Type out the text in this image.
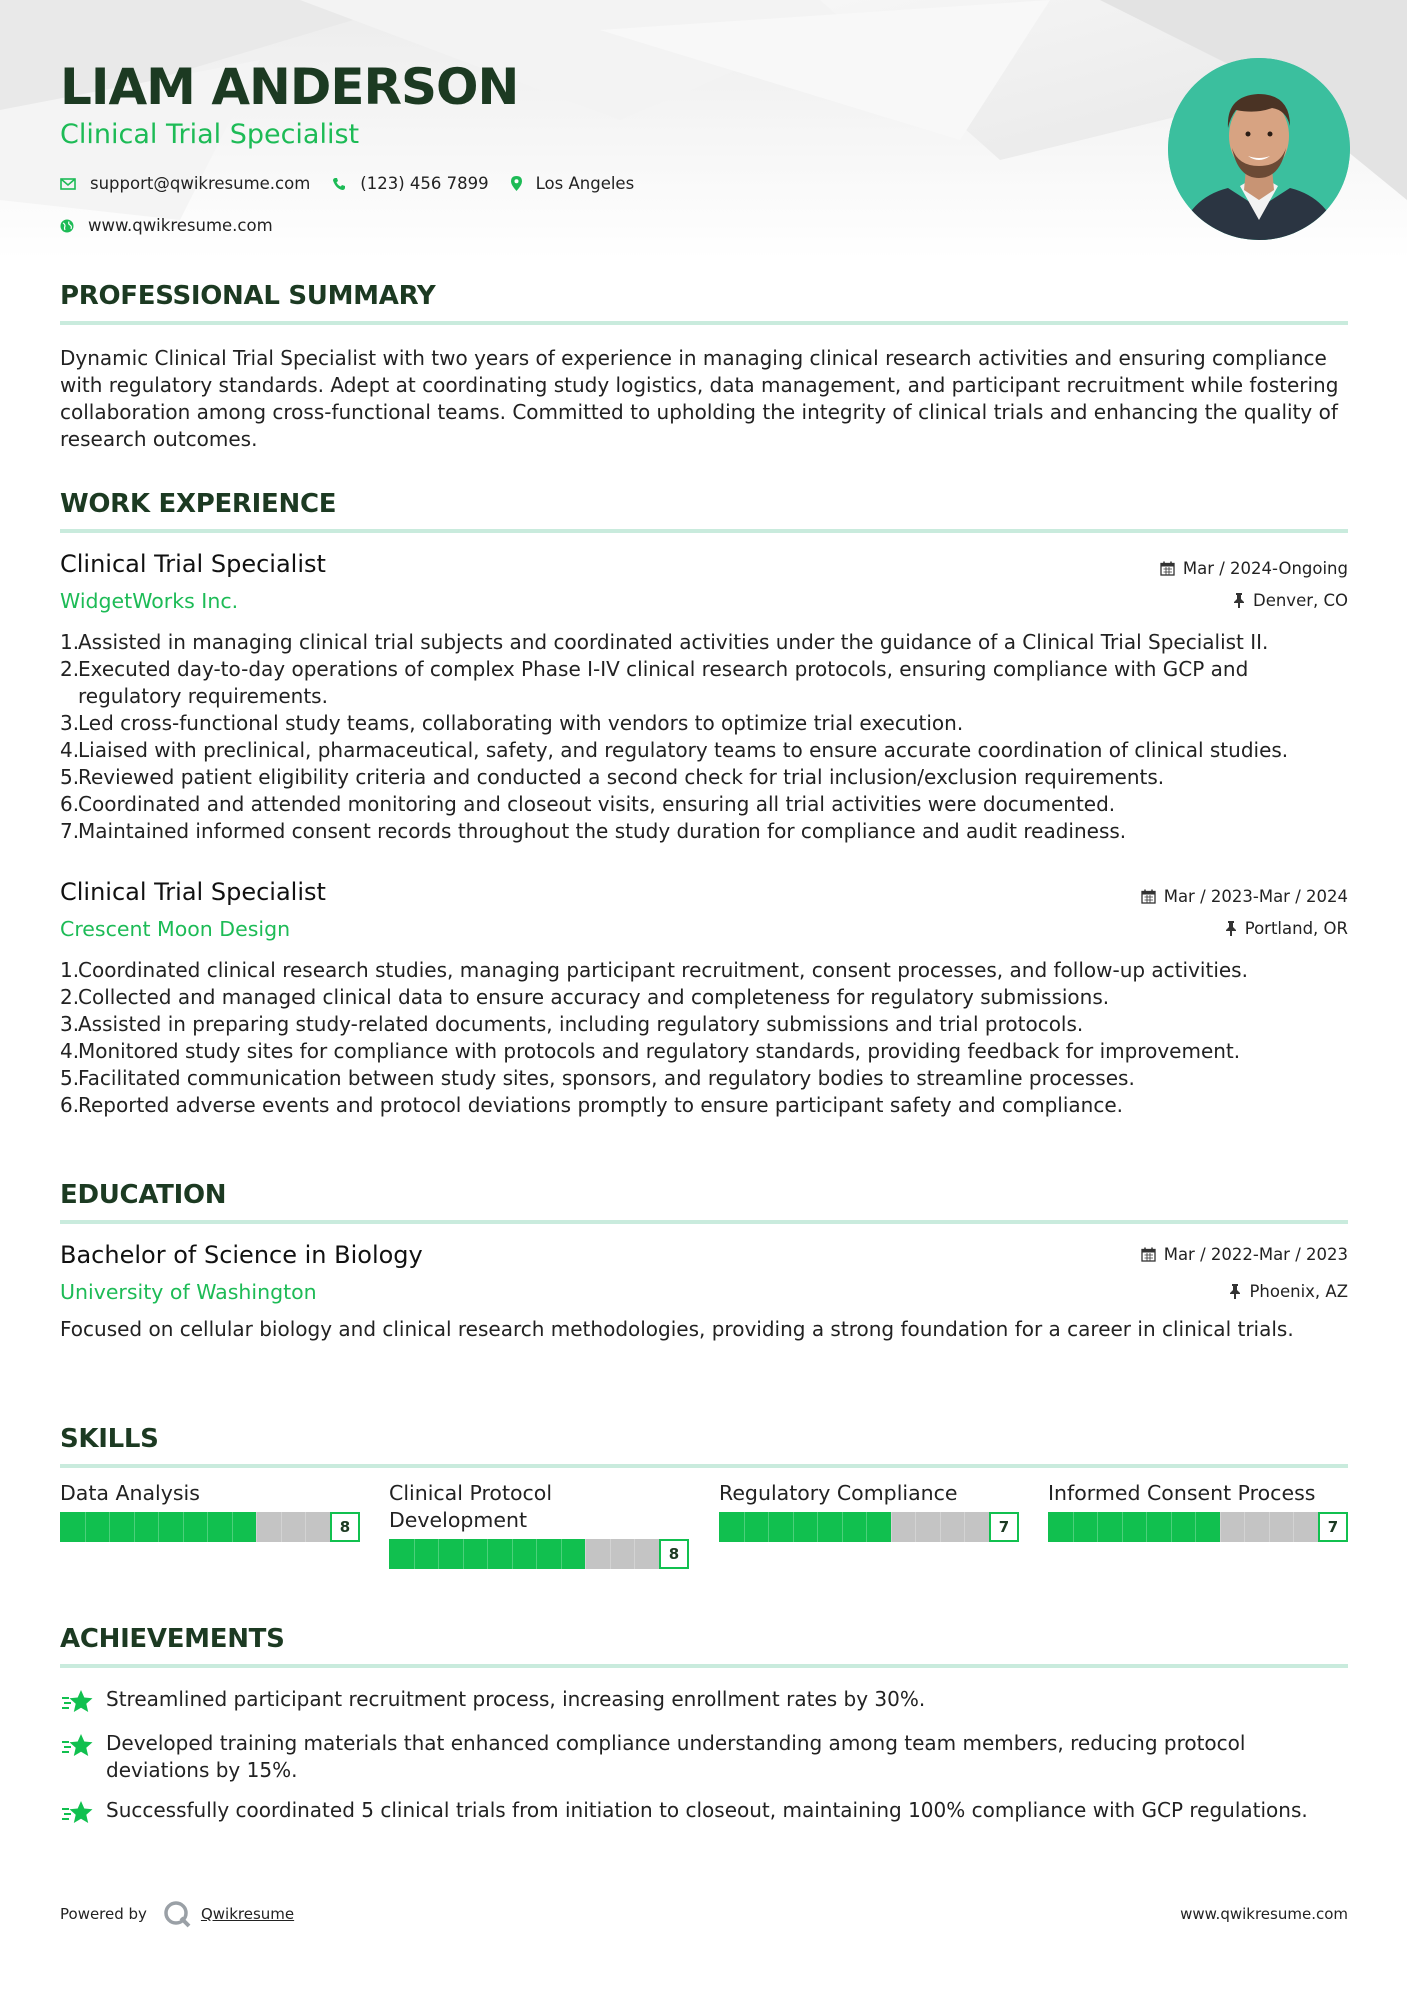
LIAM ANDERSON
Clinical Trial Specialist
support@qwikresume.com	(123) 456 7899	Los Angeles
www.qwikresume.com
PROFESSIONAL SUMMARY
Dynamic Clinical Trial Specialist with two years of experience in managing clinical research activities and ensuring compliance with regulatory standards. Adept at coordinating study logistics, data management, and participant recruitment while fostering collaboration among cross-functional teams. Committed to upholding the integrity of clinical trials and enhancing the quality of research outcomes.
WORK EXPERIENCE
Clinical Trial Specialist
WidgetWorks Inc.
Mar / 2024-Ongoing
Denver, CO
1.
Assisted in managing clinical trial subjects and coordinated activities under the guidance of a Clinical Trial Specialist II.
2.
Executed day-to-day operations of complex Phase I-IV clinical research protocols, ensuring compliance with GCP and regulatory requirements.
3.
Led cross-functional study teams, collaborating with vendors to optimize trial execution.
4.
Liaised with preclinical, pharmaceutical, safety, and regulatory teams to ensure accurate coordination of clinical studies.
5.
Reviewed patient eligibility criteria and conducted a second check for trial inclusion/exclusion requirements.
6.
Coordinated and attended monitoring and closeout visits, ensuring all trial activities were documented.
7.
Maintained informed consent records throughout the study duration for compliance and audit readiness.
Clinical Trial Specialist
Crescent Moon Design
Mar / 2023-Mar / 2024
Portland, OR
1.
Coordinated clinical research studies, managing participant recruitment, consent processes, and follow-up activities.
2.
Collected and managed clinical data to ensure accuracy and completeness for regulatory submissions.
3.
Assisted in preparing study-related documents, including regulatory submissions and trial protocols.
4.
Monitored study sites for compliance with protocols and regulatory standards, providing feedback for improvement.
5.
Facilitated communication between study sites, sponsors, and regulatory bodies to streamline processes.
6.
Reported adverse events and protocol deviations promptly to ensure participant safety and compliance.
EDUCATION
Bachelor of Science in Biology
University of Washington
Mar / 2022-Mar / 2023
Phoenix, AZ
Focused on cellular biology and clinical research methodologies, providing a strong foundation for a career in clinical trials.
SKILLS
Data Analysis
8
Clinical Protocol Development
8
Regulatory Compliance
7
Informed Consent Process
7
ACHIEVEMENTS
Streamlined participant recruitment process, increasing enrollment rates by 30%.
Developed training materials that enhanced compliance understanding among team members, reducing protocol deviations by 15%.
Successfully coordinated 5 clinical trials from initiation to closeout, maintaining 100% compliance with GCP regulations.
Powered by	Qwikresume	www.qwikresume.com
